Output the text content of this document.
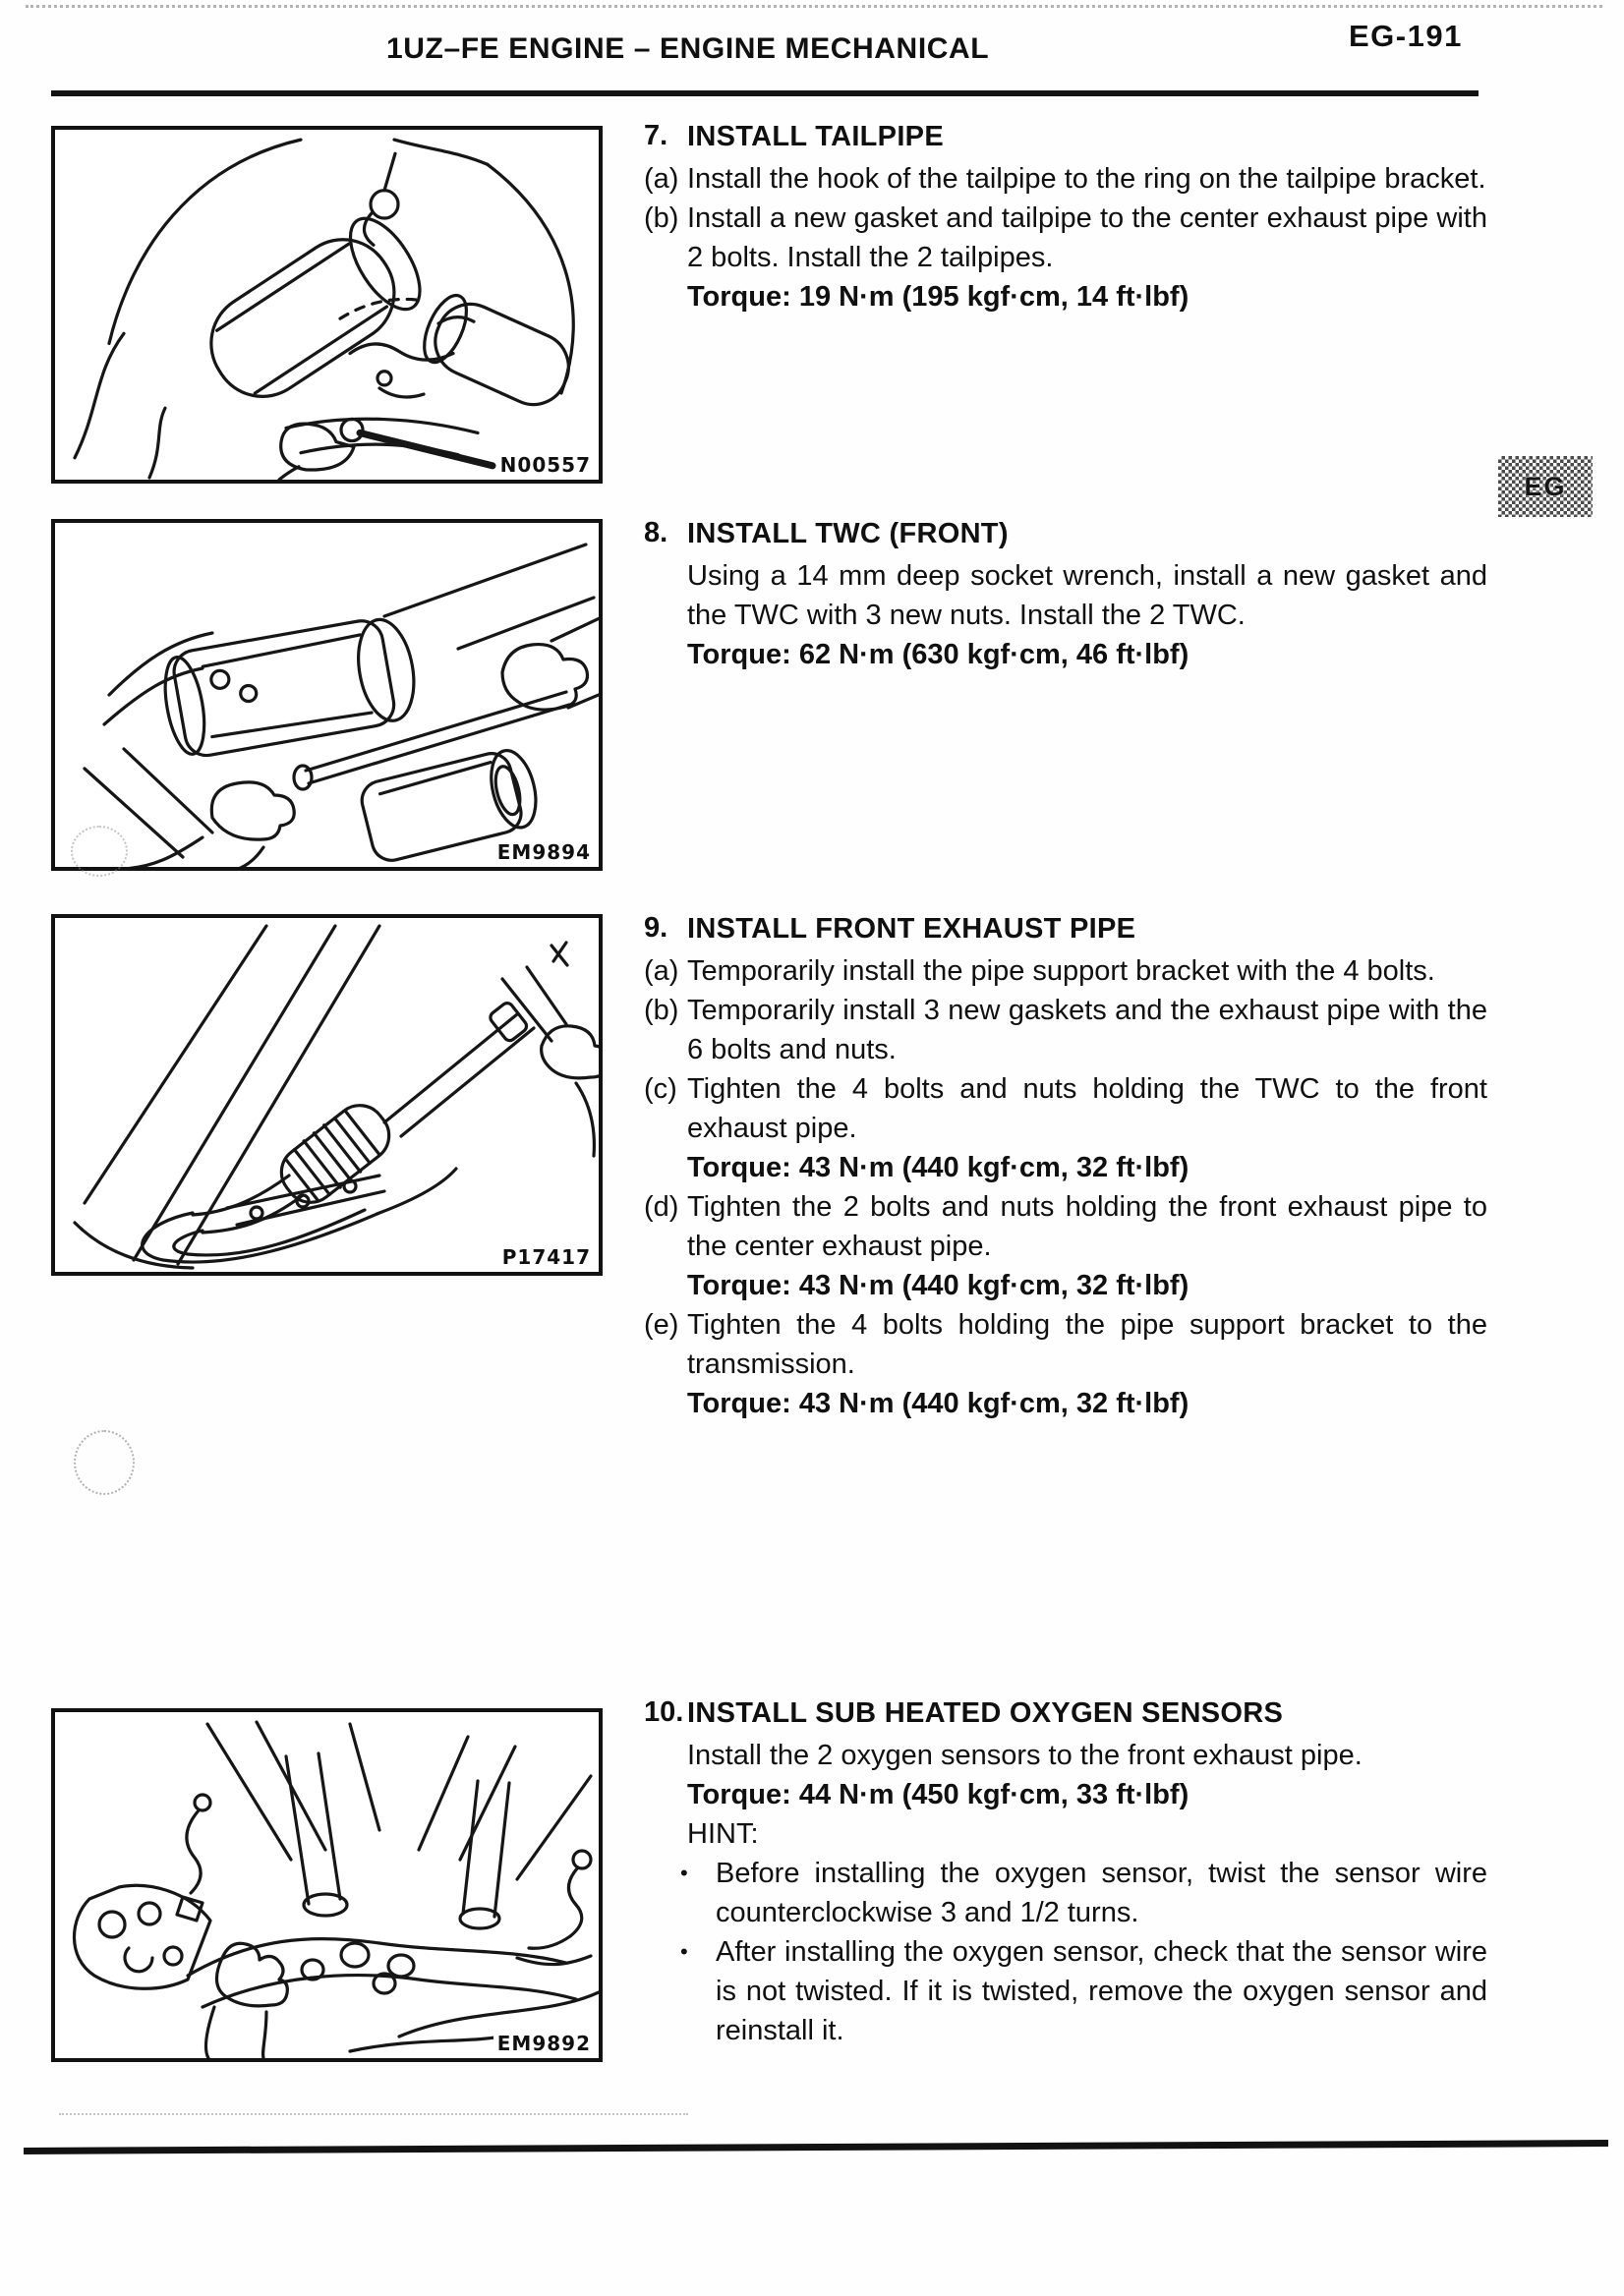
1UZ–FE ENGINE – ENGINE MECHANICAL	EG-191
EG
N00557
EM9894
P17417
EM9892
7. INSTALL TAILPIPE
(a) Install the hook of the tailpipe to the ring on the tailpipe bracket.

(b) Install a new gasket and tailpipe to the center exhaust pipe with 2 bolts. Install the 2 tailpipes.

Torque: 19 N·m (195 kgf·cm, 14 ft·lbf)

8. INSTALL TWC (FRONT)

Using a 14 mm deep socket wrench, install a new gasket and the TWC with 3 new nuts. Install the 2 TWC.

Torque: 62 N·m (630 kgf·cm, 46 ft·lbf)

9. INSTALL FRONT EXHAUST PIPE
(a) Temporarily install the pipe support bracket with the 4 bolts.

(b) Temporarily install 3 new gaskets and the exhaust pipe with the 6 bolts and nuts.

(c) Tighten the 4 bolts and nuts holding the TWC to the front exhaust pipe.

Torque: 43 N·m (440 kgf·cm, 32 ft·lbf)

(d) Tighten the 2 bolts and nuts holding the front exhaust pipe to the center exhaust pipe.

Torque: 43 N·m (440 kgf·cm, 32 ft·lbf)

(e) Tighten the 4 bolts holding the pipe support bracket to the transmission.

Torque: 43 N·m (440 kgf·cm, 32 ft·lbf)

10. INSTALL SUB HEATED OXYGEN SENSORS

Install the 2 oxygen sensors to the front exhaust pipe.

Torque: 44 N·m (450 kgf·cm, 33 ft·lbf)

HINT:

• Before installing the oxygen sensor, twist the sensor wire counterclockwise 3 and 1/2 turns.

• After installing the oxygen sensor, check that the sensor wire is not twisted. If it is twisted, remove the oxygen sensor and reinstall it.
